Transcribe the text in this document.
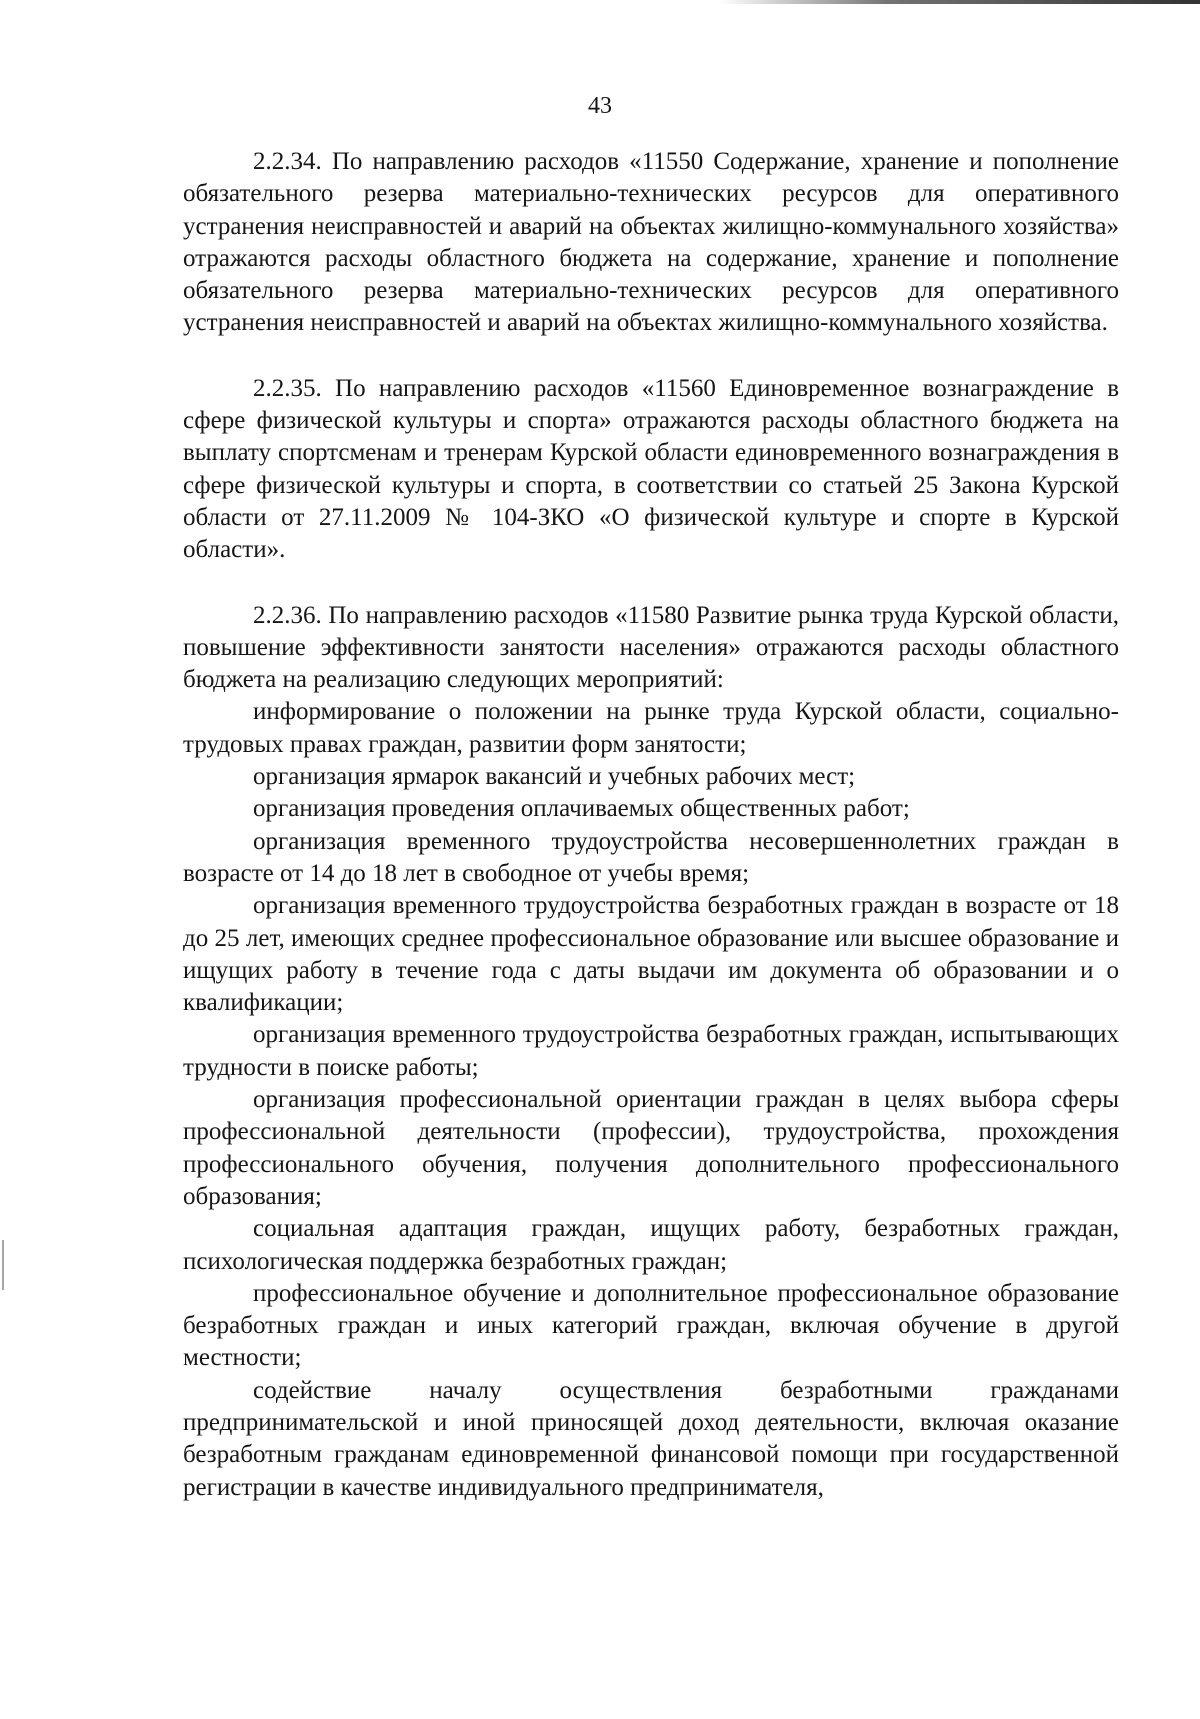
43

2.2.34. По направлению расходов «11550 Содержание, хранение и пополнение обязательного резерва материально-технических ресурсов для оперативного устранения неисправностей и аварий на объектах жилищно-коммунального хозяйства» отражаются расходы областного бюджета на содержание, хранение и пополнение обязательного резерва материально-технических ресурсов для оперативного устранения неисправностей и аварий на объектах жилищно-коммунального хозяйства.

2.2.35. По направлению расходов «11560 Единовременное вознаграждение в сфере физической культуры и спорта» отражаются расходы областного бюджета на выплату спортсменам и тренерам Курской области единовременного вознаграждения в сфере физической культуры и спорта, в соответствии со статьей 25 Закона Курской области от 27.11.2009 № 104-ЗКО «О физической культуре и спорте в Курской области».

2.2.36. По направлению расходов «11580 Развитие рынка труда Курской области, повышение эффективности занятости населения» отражаются расходы областного бюджета на реализацию следующих мероприятий:

информирование о положении на рынке труда Курской области, социально-трудовых правах граждан, развитии форм занятости;

организация ярмарок вакансий и учебных рабочих мест;

организация проведения оплачиваемых общественных работ;

организация временного трудоустройства несовершеннолетних граждан в возрасте от 14 до 18 лет в свободное от учебы время;

организация временного трудоустройства безработных граждан в возрасте от 18 до 25 лет, имеющих среднее профессиональное образование или высшее образование и ищущих работу в течение года с даты выдачи им документа об образовании и о квалификации;

организация временного трудоустройства безработных граждан, испытывающих трудности в поиске работы;

организация профессиональной ориентации граждан в целях выбора сферы профессиональной деятельности (профессии), трудоустройства, прохождения профессионального обучения, получения дополнительного профессионального образования;

социальная адаптация граждан, ищущих работу, безработных граждан, психологическая поддержка безработных граждан;

профессиональное обучение и дополнительное профессиональное образование безработных граждан и иных категорий граждан, включая обучение в другой местности;

содействие началу осуществления безработными гражданами предпринимательской и иной приносящей доход деятельности, включая оказание безработным гражданам единовременной финансовой помощи при государственной регистрации в качестве индивидуального предпринимателя,
